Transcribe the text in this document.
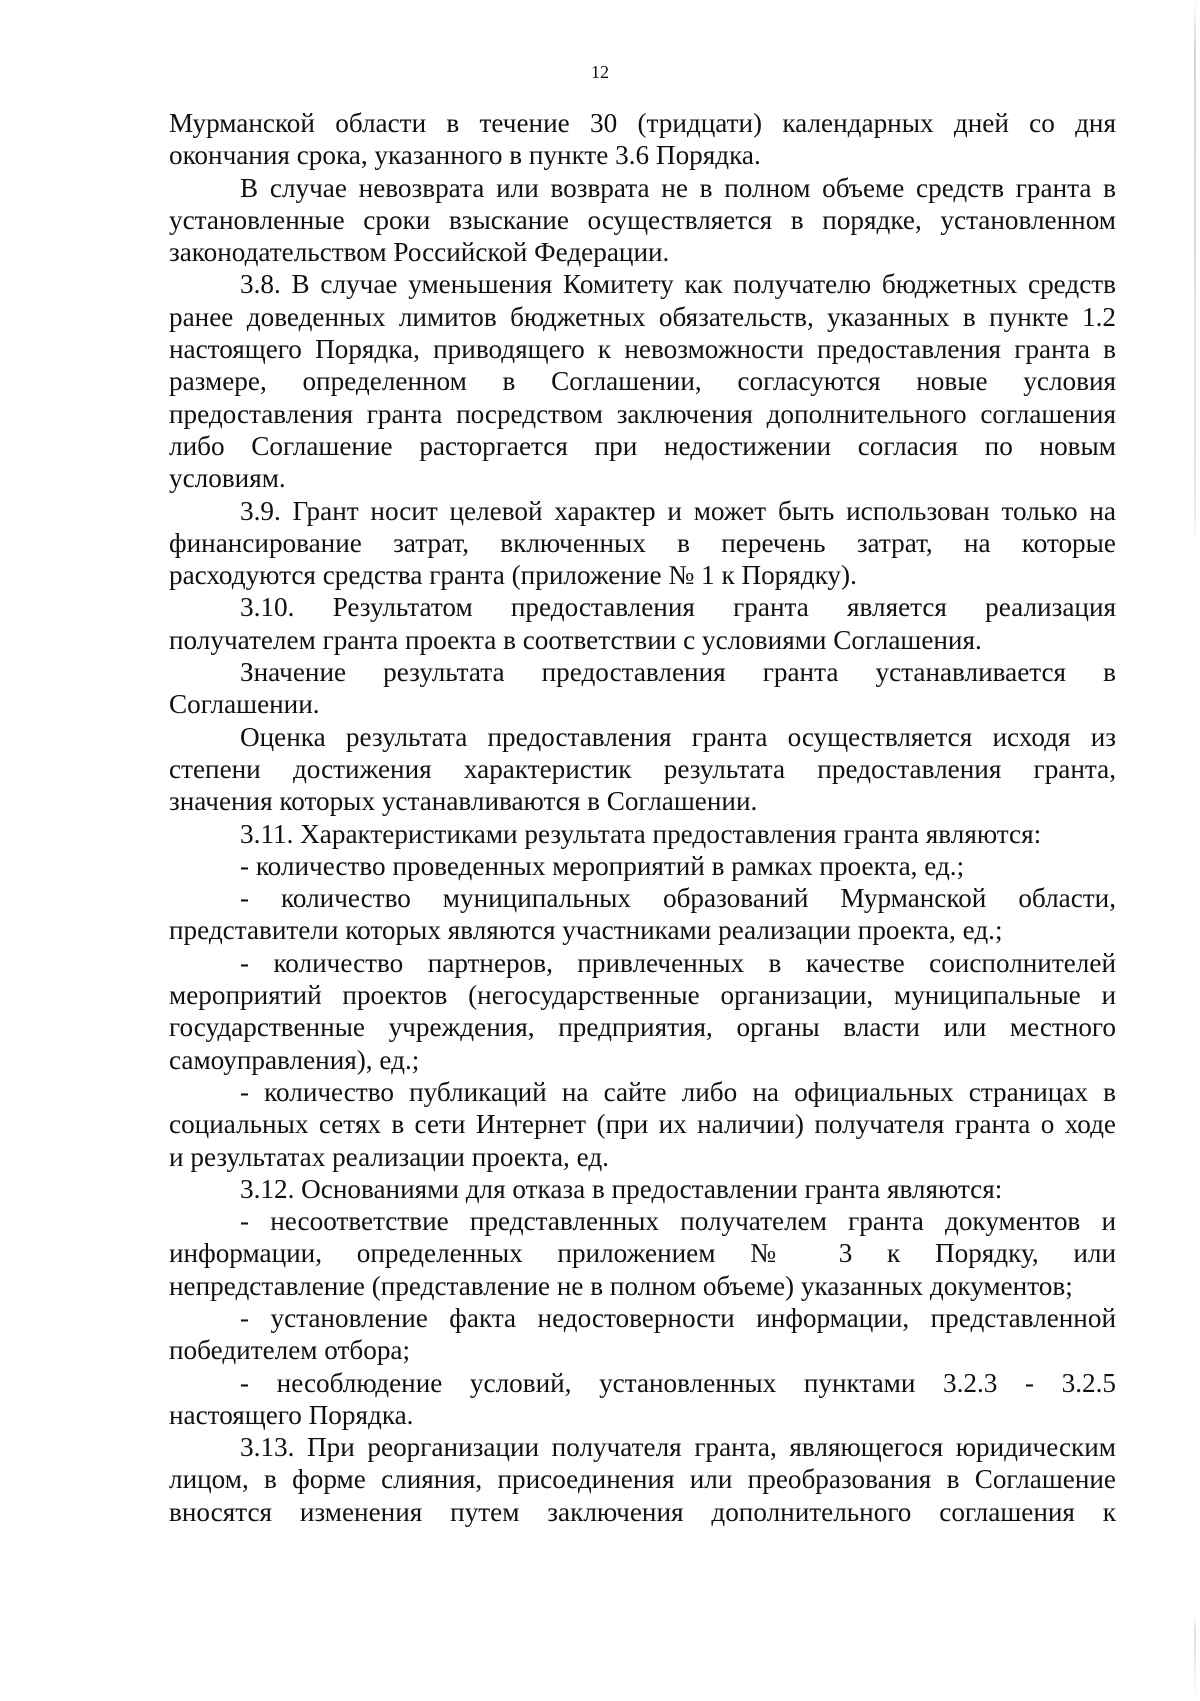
12
Мурманской области в течение 30 (тридцати) календарных дней со дня
окончания срока, указанного в пункте 3.6 Порядка.
В случае невозврата или возврата не в полном объеме средств гранта в
установленные сроки взыскание осуществляется в порядке, установленном
законодательством Российской Федерации.
3.8. В случае уменьшения Комитету как получателю бюджетных средств
ранее доведенных лимитов бюджетных обязательств, указанных в пункте 1.2
настоящего Порядка, приводящего к невозможности предоставления гранта в
размере, определенном в Соглашении, согласуются новые условия
предоставления гранта посредством заключения дополнительного соглашения
либо Соглашение расторгается при недостижении согласия по новым
условиям.
3.9. Грант носит целевой характер и может быть использован только на
финансирование затрат, включенных в перечень затрат, на которые
расходуются средства гранта (приложение № 1 к Порядку).
3.10. Результатом предоставления гранта является реализация
получателем гранта проекта в соответствии с условиями Соглашения.
Значение результата предоставления гранта устанавливается в
Соглашении.
Оценка результата предоставления гранта осуществляется исходя из
степени достижения характеристик результата предоставления гранта,
значения которых устанавливаются в Соглашении.
3.11. Характеристиками результата предоставления гранта являются:
- количество проведенных мероприятий в рамках проекта, ед.;
- количество муниципальных образований Мурманской области,
представители которых являются участниками реализации проекта, ед.;
- количество партнеров, привлеченных в качестве соисполнителей
мероприятий проектов (негосударственные организации, муниципальные и
государственные учреждения, предприятия, органы власти или местного
самоуправления), ед.;
- количество публикаций на сайте либо на официальных страницах в
социальных сетях в сети Интернет (при их наличии) получателя гранта о ходе
и результатах реализации проекта, ед.
3.12. Основаниями для отказа в предоставлении гранта являются:
- несоответствие представленных получателем гранта документов и
информации, определенных приложением № 3 к Порядку, или
непредставление (представление не в полном объеме) указанных документов;
- установление факта недостоверности информации, представленной
победителем отбора;
- несоблюдение условий, установленных пунктами 3.2.3 - 3.2.5
настоящего Порядка.
3.13. При реорганизации получателя гранта, являющегося юридическим
лицом, в форме слияния, присоединения или преобразования в Соглашение
вносятся изменения путем заключения дополнительного соглашения к
